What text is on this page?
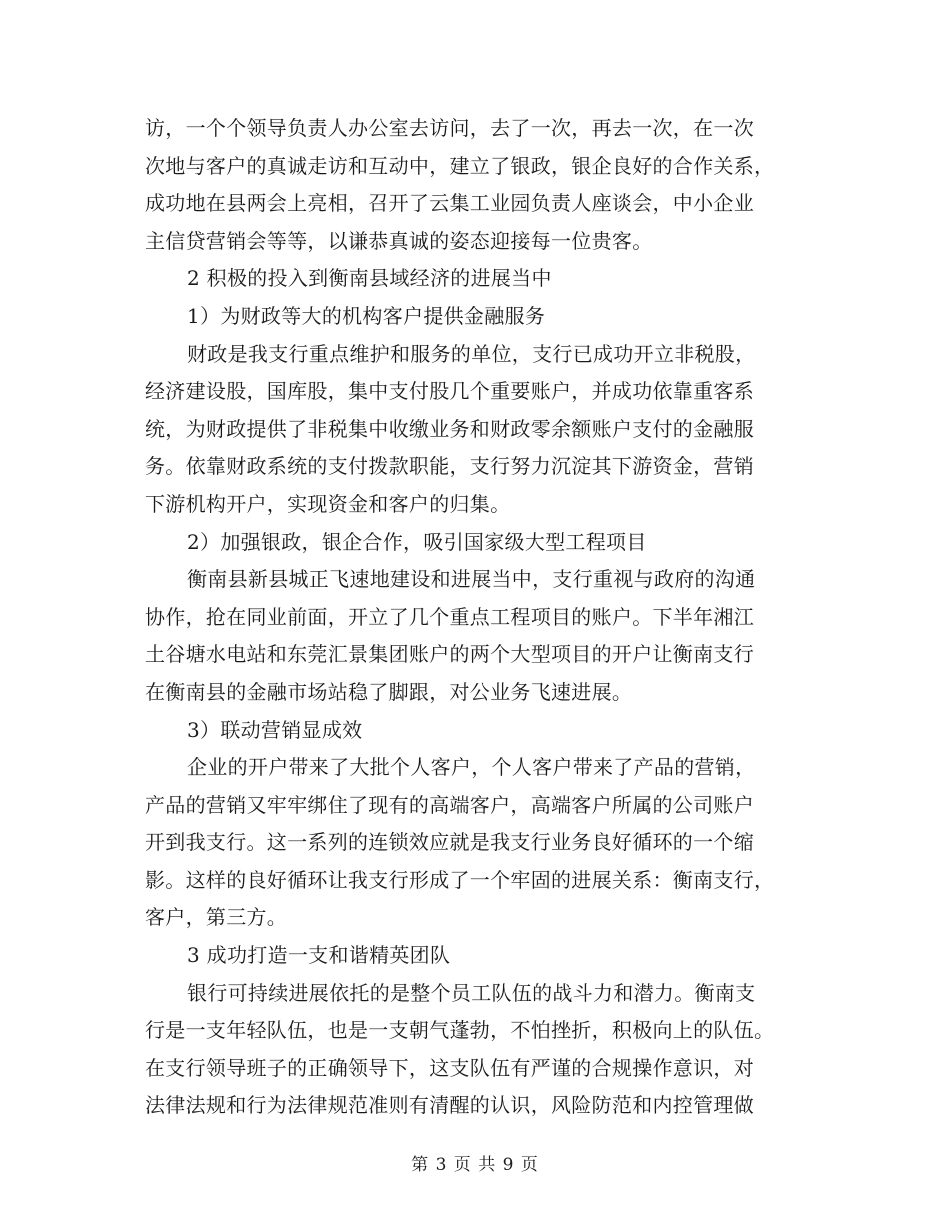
访，一个个领导负责人办公室去访问，去了一次，再去一次，在一次
次地与客户的真诚走访和互动中，建立了银政，银企良好的合作关系，
成功地在县两会上亮相，召开了云集工业园负责人座谈会，中小企业
主信贷营销会等等，以谦恭真诚的姿态迎接每一位贵客。
2 积极的投入到衡南县域经济的进展当中
1）为财政等大的机构客户提供金融服务
财政是我支行重点维护和服务的单位，支行已成功开立非税股，
经济建设股，国库股，集中支付股几个重要账户，并成功依靠重客系
统，为财政提供了非税集中收缴业务和财政零余额账户支付的金融服
务。依靠财政系统的支付拨款职能，支行努力沉淀其下游资金，营销
下游机构开户，实现资金和客户的归集。
2）加强银政，银企合作，吸引国家级大型工程项目
衡南县新县城正飞速地建设和进展当中，支行重视与政府的沟通
协作，抢在同业前面，开立了几个重点工程项目的账户。下半年湘江
土谷塘水电站和东莞汇景集团账户的两个大型项目的开户让衡南支行
在衡南县的金融市场站稳了脚跟，对公业务飞速进展。
3）联动营销显成效
企业的开户带来了大批个人客户，个人客户带来了产品的营销，
产品的营销又牢牢绑住了现有的高端客户，高端客户所属的公司账户
开到我支行。这一系列的连锁效应就是我支行业务良好循环的一个缩
影。这样的良好循环让我支行形成了一个牢固的进展关系：衡南支行，
客户，第三方。
3 成功打造一支和谐精英团队
银行可持续进展依托的是整个员工队伍的战斗力和潜力。衡南支
行是一支年轻队伍，也是一支朝气蓬勃，不怕挫折，积极向上的队伍。
在支行领导班子的正确领导下，这支队伍有严谨的合规操作意识，对
法律法规和行为法律规范准则有清醒的认识，风险防范和内控管理做
第 3 页 共 9 页
